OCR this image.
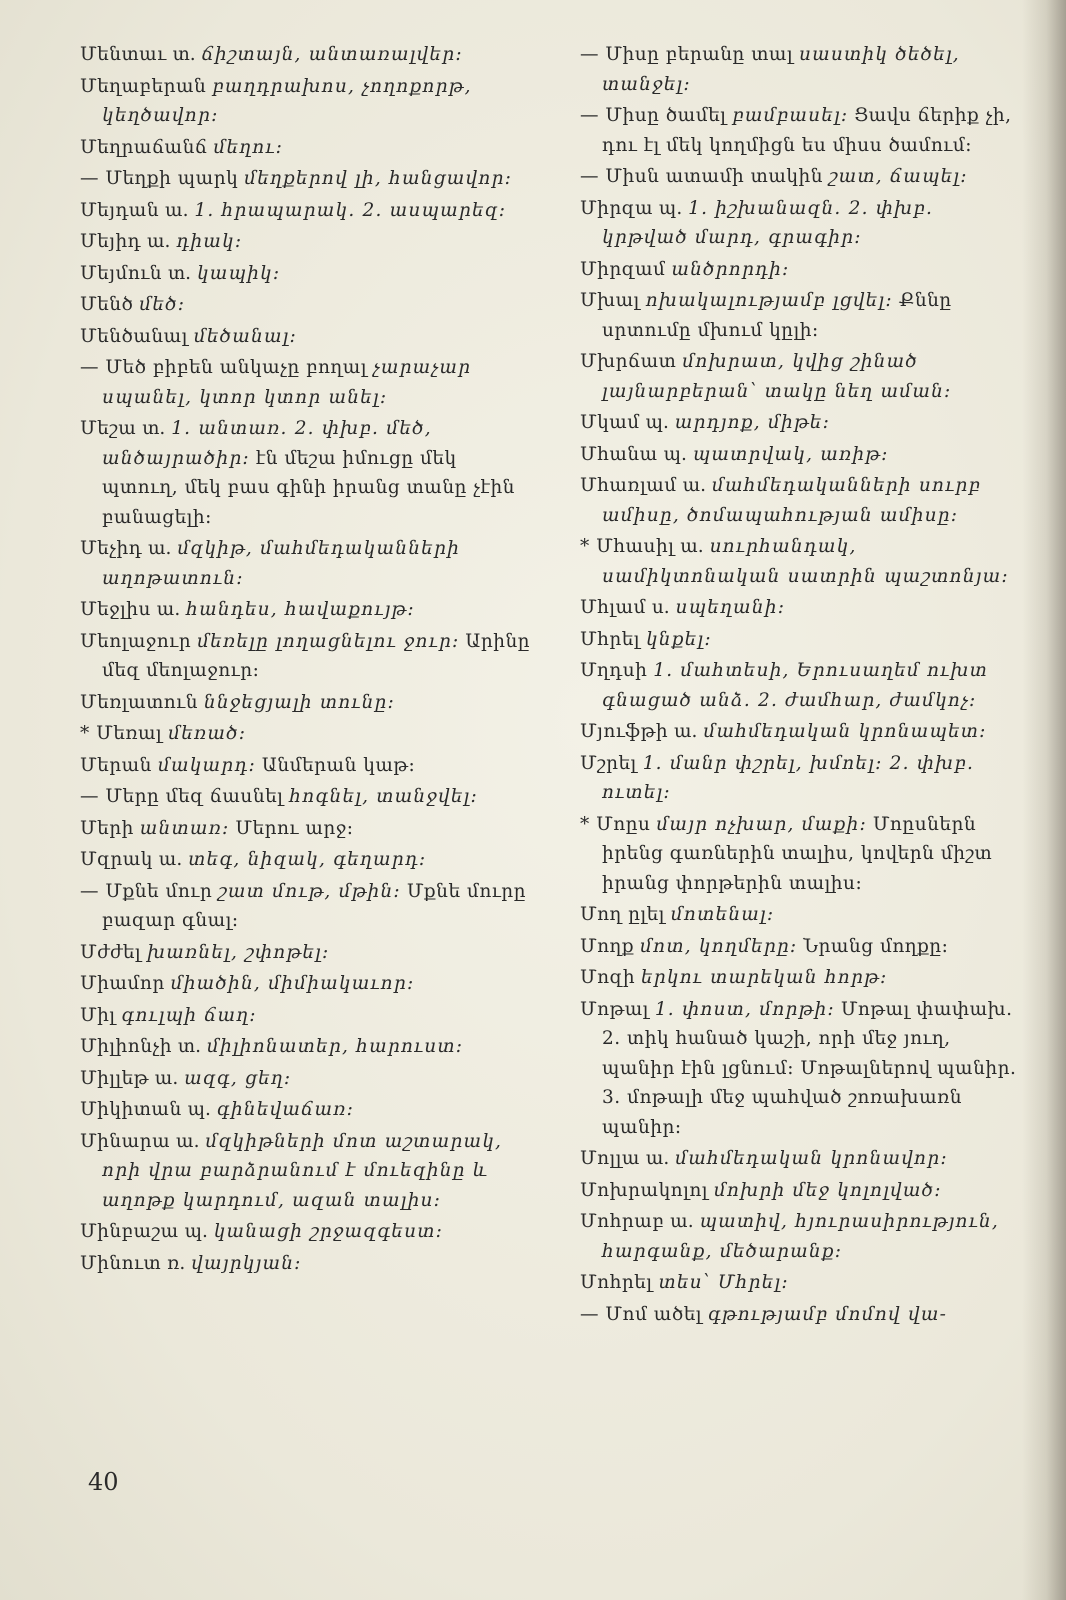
Մենտաւ տ. ճիշտայն, անտառալվեր։
Մեղաբերան բաղդրախոս, չողոքորթ, կեղծավոր։
Մեղրաճանճ մեղու։
— Մեղքի պարկ մեղքերով լի, հանցավոր։
Մեյդան ա. 1. հրապարակ. 2. ասպարեզ։
Մեյիդ ա. դիակ։
Մեյմուն տ. կապիկ։
Մենծ մեծ։
Մենծանալ մեծանալ։
— Մեծ բիբեն անկաչը բողալ չարաչար սպանել, կտոր կտոր անել։
Մեշա տ. 1. անտառ. 2. փխբ. մեծ, անծայրածիր։ էն մեշա իմուցը մեկ պտուղ, մեկ բաս գինի իրանց տանը չէին բանացելի։
Մեչիդ ա. մզկիթ, մահմեդականների աղոթատուն։
Մեջլիս ա. հանդես, հավաքույթ։
Մեոլաջուր մեռելը լողացնելու ջուր։ Արինը մեզ մեոլաջուր։
Մեռլատուն ննջեցյալի տունը։
* Մեռալ մեռած։
Մերան մակարդ։ Անմերան կաթ։
— Մերը մեզ ճասնել հոգնել, տանջվել։
Մերի անտառ։ Մերու արջ։
Մզրակ ա. տեգ, նիզակ, գեղարդ։
— Մքնե մուր շատ մութ, մթին։ Մքնե մուրը բազար գնալ։
Մժժել խառնել, շփոթել։
Միամոր միածին, միմիակաւոր։
Միլ գուլպի ճաղ։
Միլիոնչի տ. միլիոնատեր, հարուստ։
Միլլեթ ա. ազգ, ցեղ։
Միկիտան պ. գինեվաճառ։
Մինարա ա. մզկիթների մոտ աշտարակ, որի վրա բարձրանում է մուեզինը և աղոթք կարդում, ազան տալիս։
Մինբաշա պ. կանացի շրջազգեստ։
Մինուտ ռ. վայրկյան։
— Միսը բերանը տալ սաստիկ ծեծել, տանջել։
— Միսը ծամել բամբասել։ Ցավս ճերիք չի, դու էլ մեկ կողմիցն ես միսս ծամում։
— Միսն ատամի տակին շատ, ճապել։
Միրզա պ. 1. իշխանազն. 2. փխբ. կրթված մարդ, գրագիր։
Միրզամ անծրորդի։
Մխալ ոխակալությամբ լցվել։ Քննը սրտումը մխում կըլի։
Մխրճատ մոխրատ, կվից շինած լայնարբերան՝ տակը նեղ աման։
Մկամ պ. արդյոք, միթե։
Մհանա պ. պատրվակ, առիթ։
Մհառլամ ա. մահմեդականների սուրբ ամիսը, ծոմապահության ամիսը։
* Մհասիլ ա. սուրհանդակ, սամիկտոնական սատրին պաշտոնյա։
Մհլամ ս. սպեղանի։
Մհրել կնքել։
Մղդսի 1. մահտեսի, Երուսաղեմ ուխտ գնացած անձ. 2. ժամհար, ժամկոչ։
Մյուֆթի ա. մահմեդական կրոնապետ։
Մշրել 1. մանր փշրել, խմոել։ 2. փխբ. ուտել։
* Մոըս մայր ոչխար, մաքի։ Մոըսներն իրենց գառներին տալիս, կովերն միշտ իրանց փորթերին տալիս։
Մող ըլել մոտենալ։
Մողք մոտ, կողմերը։ Նրանց մողքը։
Մոզի երկու տարեկան հորթ։
Մոթալ 1. փոստ, մորթի։ Մոթալ փափախ. 2. տիկ հանած կաշի, որի մեջ յուղ, պանիր էին լցնում։ Մոթալներով պանիր. 3. մոթալի մեջ պահված շոռախառն պանիր։
Մոլլա ա. մահմեդական կրոնավոր։
Մոխրակոլոլ մոխրի մեջ կոլոլված։
Մոհրաբ ա. պատիվ, հյուրասիրություն, հարգանք, մեծարանք։
Մոհրել տես՝ Մհրել։
— Մոմ ածել գթությամբ մոմով վա-
40
